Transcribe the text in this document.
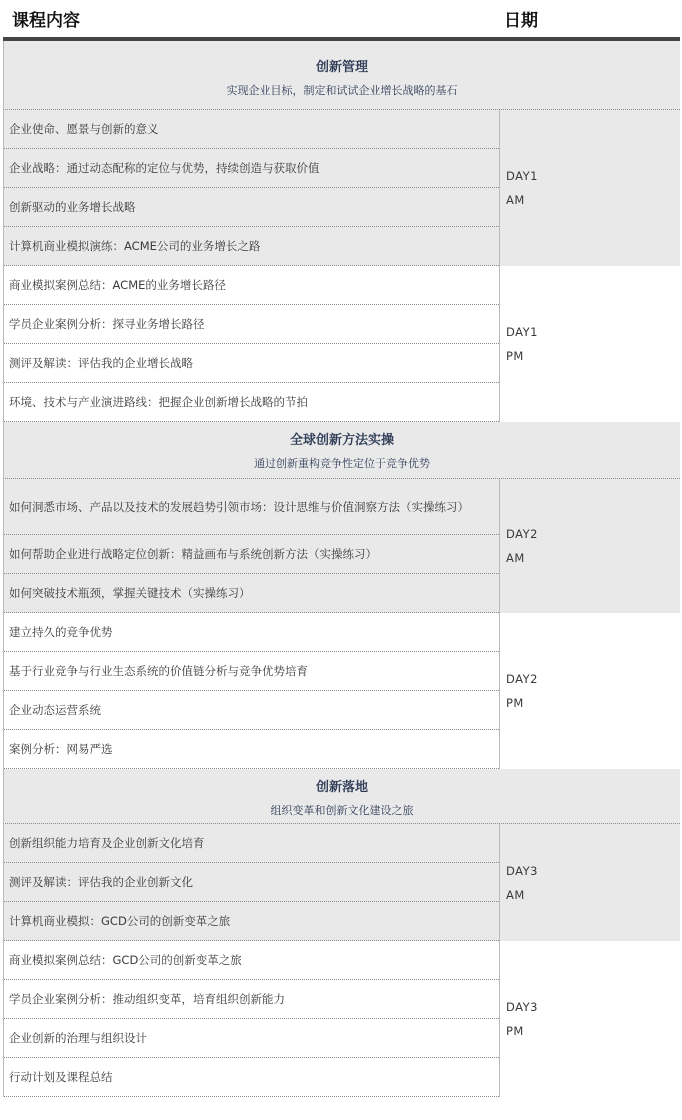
课程内容	日期
创新管理
实现企业目标，制定和试试企业增长战略的基石
企业使命、愿景与创新的意义
企业战略：通过动态配称的定位与优势，持续创造与获取价值
创新驱动的业务增长战略
计算机商业模拟演练：ACME公司的业务增长之路
DAY1
AM
商业模拟案例总结：ACME的业务增长路径
学员企业案例分析：探寻业务增长路径
测评及解读：评估我的企业增长战略
环境、技术与产业演进路线：把握企业创新增长战略的节拍
DAY1
PM
全球创新方法实操
通过创新重构竞争性定位于竞争优势
如何洞悉市场、产品以及技术的发展趋势引领市场：设计思维与价值洞察方法（实操练习）
如何帮助企业进行战略定位创新：精益画布与系统创新方法（实操练习）
如何突破技术瓶颈，掌握关键技术（实操练习）
DAY2
AM
建立持久的竞争优势
基于行业竞争与行业生态系统的价值链分析与竞争优势培育
企业动态运营系统
案例分析：网易严选
DAY2
PM
创新落地
组织变革和创新文化建设之旅
创新组织能力培育及企业创新文化培育
测评及解读：评估我的企业创新文化
计算机商业模拟：GCD公司的创新变革之旅
DAY3
AM
商业模拟案例总结：GCD公司的创新变革之旅
学员企业案例分析：推动组织变革，培育组织创新能力
企业创新的治理与组织设计
行动计划及课程总结
DAY3
PM
